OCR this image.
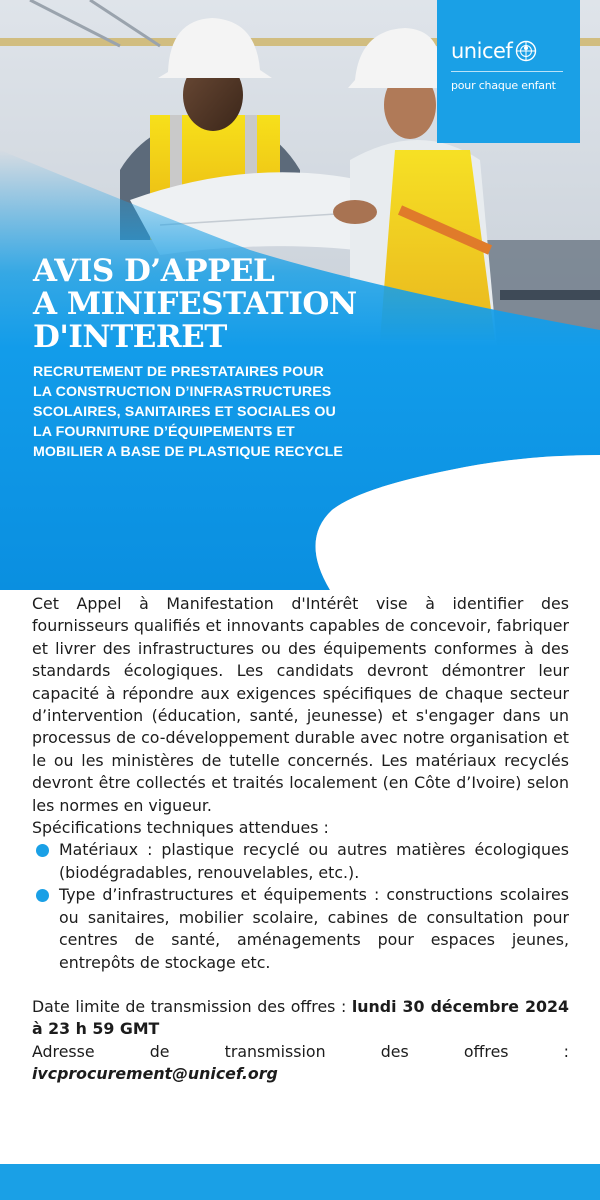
unicef
pour chaque enfant
AVIS D’APPEL
A MINIFESTATION
D'INTERET
RECRUTEMENT DE PRESTATAIRES POUR
LA CONSTRUCTION D’INFRASTRUCTURES
SCOLAIRES, SANITAIRES ET SOCIALES OU
LA FOURNITURE D’ÉQUIPEMENTS ET
MOBILIER A BASE DE PLASTIQUE RECYCLE

Cet Appel à Manifestation d'Intérêt vise à identifier des fournisseurs qualifiés et innovants capables de concevoir, fabriquer et livrer des infrastructures ou des équipements conformes à des standards écologiques. Les candidats devront démontrer leur capacité à répondre aux exigences spécifiques de chaque secteur d’intervention (éducation, santé, jeunesse) et s'engager dans un processus de co-développement durable avec notre organisation et le ou les ministères de tutelle concernés. Les matériaux recyclés devront être collectés et traités localement (en Côte d’Ivoire) selon les normes en vigueur.

Spécifications techniques attendues :

Matériaux : plastique recyclé ou autres matières écologiques (biodégradables, renouvelables, etc.).
Type d’infrastructures et équipements : constructions scolaires ou sanitaires, mobilier scolaire, cabines de consultation pour centres de santé, aménagements pour espaces jeunes, entrepôts de stockage etc.

Date limite de transmission des offres : lundi 30 décembre 2024 à 23 h 59 GMT

Adresse de transmission des offres : ivcprocurement@unicef.org
